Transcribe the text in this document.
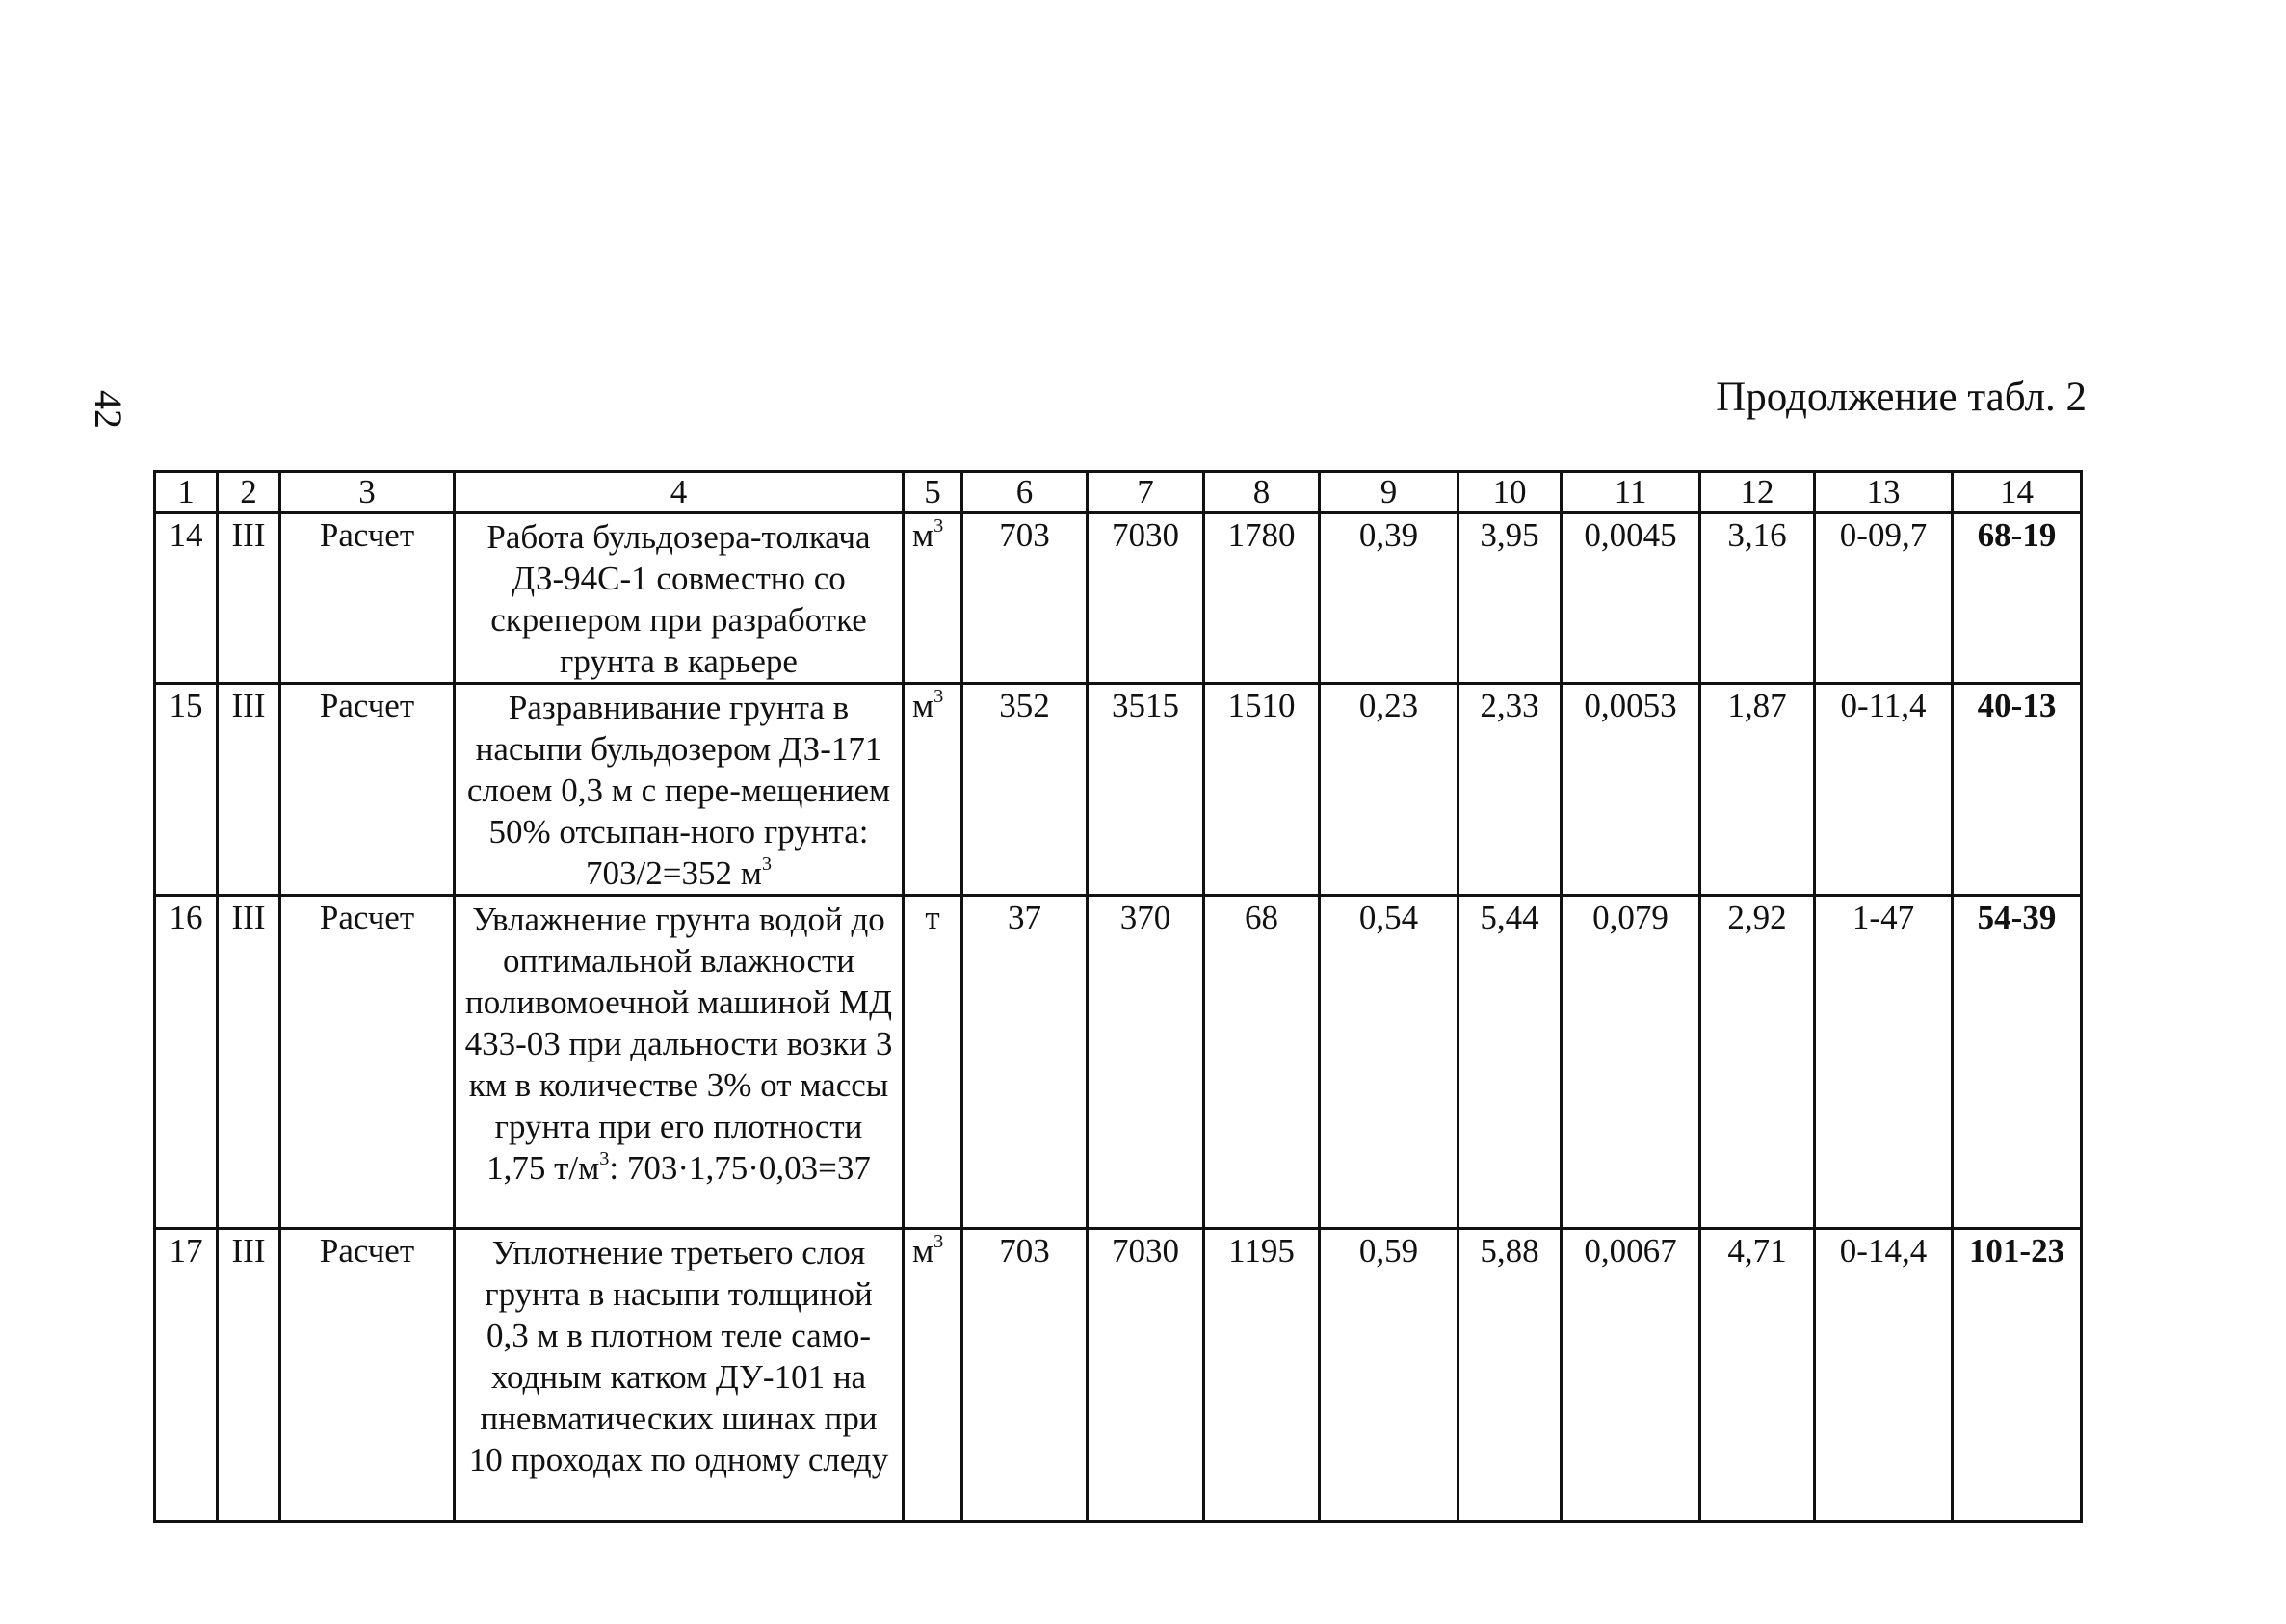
42	Продолжение табл. 2
1	2	3	4	5	6	7	8	9	10	11	12	13	14
14	III	Расчет	Работа бульдозера-толкача ДЗ-94С-1 совместно со скрепером при разработке грунта в карьере	$м^3$	703	7030	1780	0,39	3,95	0,0045	3,16	0-09,7	68-19
15	III	Расчет	Разравнивание грунта в насыпи бульдозером ДЗ-171 слоем 0,3 м с пере-мещением 50% отсыпан-ного грунта: 703/2=352 $м^3$	$м^3$	352	3515	1510	0,23	2,33	0,0053	1,87	0-11,4	40-13
16	III	Расчет	Увлажнение грунта водой до оптимальной влажности поливомоечной машиной МД 433-03 при дальности возки 3 км в количестве 3% от массы грунта при его плотности 1,75 $т/м^3$: 703·1,75·0,03=37	т	37	370	68	0,54	5,44	0,079	2,92	1-47	54-39
17	III	Расчет	Уплотнение третьего слоя грунта в насыпи толщиной 0,3 м в плотном теле само-ходным катком ДУ-101 на пневматических шинах при 10 проходах по одному следу	$м^3$	703	7030	1195	0,59	5,88	0,0067	4,71	0-14,4	101-23
